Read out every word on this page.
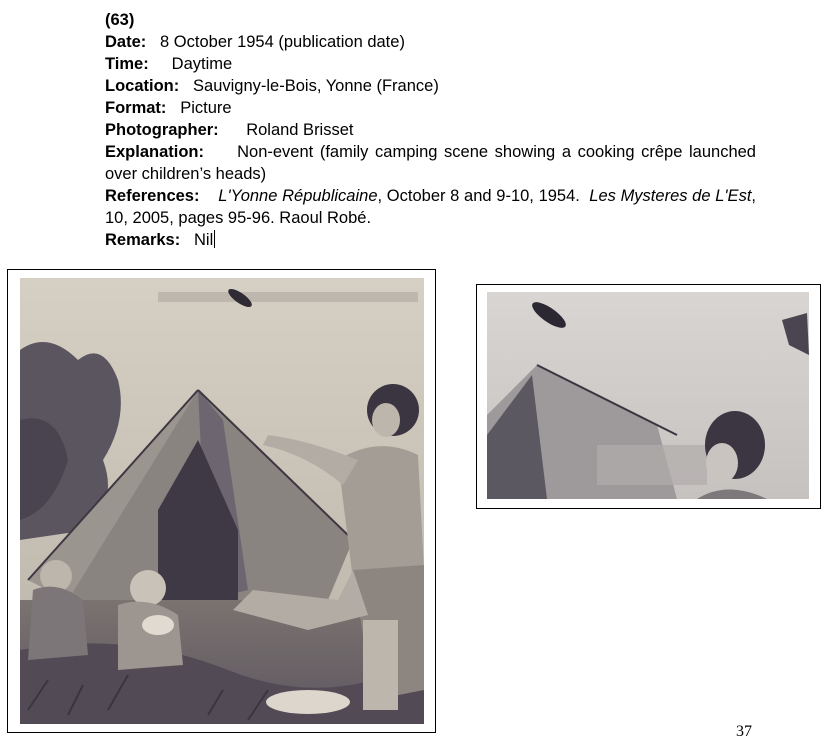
(63)

Date:   8 October 1954 (publication date)

Time:     Daytime

Location:   Sauvigny-le-Bois, Yonne (France)

Format:   Picture

Photographer:      Roland Brisset

Explanation:     Non-event (family camping scene showing a cooking crêpe launched over children’s heads)

References:    L'Yonne Républicaine, October 8 and 9-10, 1954. Les Mysteres de L'Est, 10, 2005, pages 95-96. Raoul Robé.

Remarks:   Nil

37
